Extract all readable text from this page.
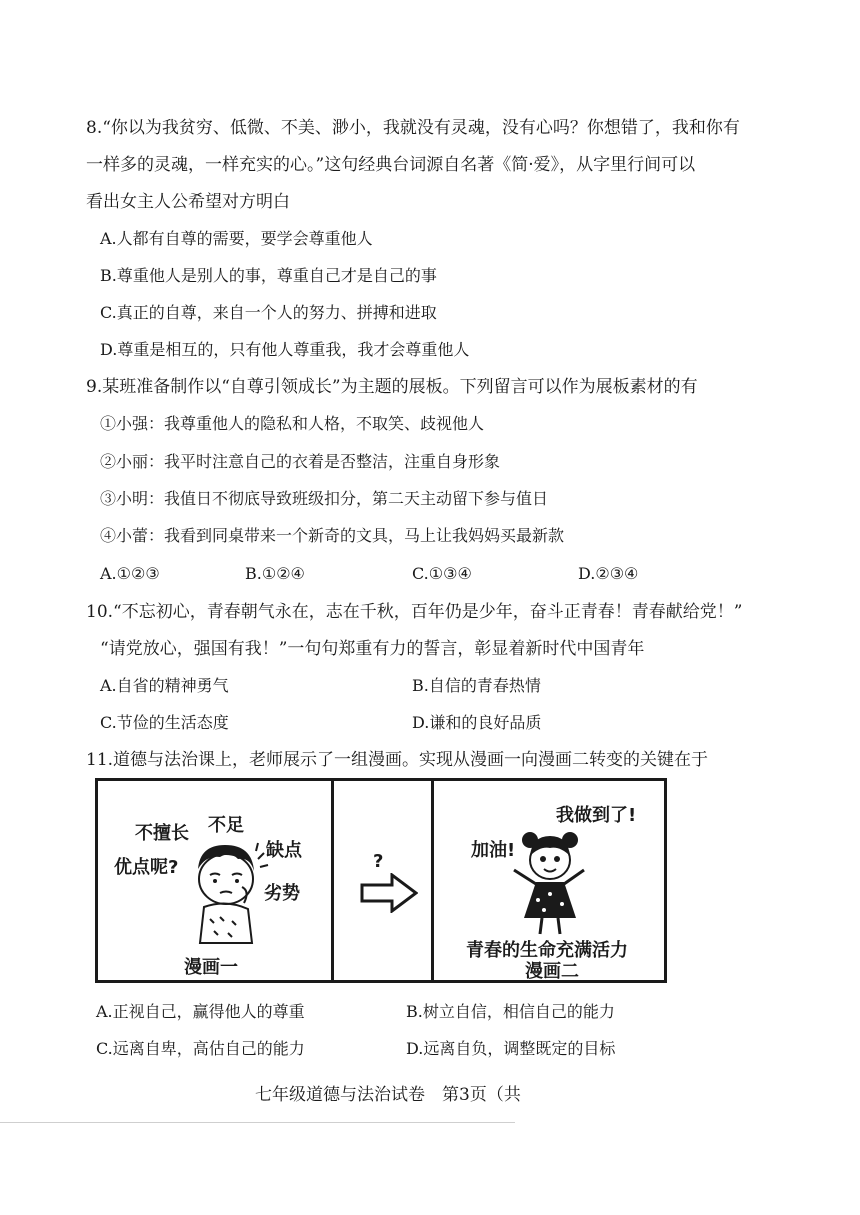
8.“你以为我贫穷、低微、不美、渺小，我就没有灵魂，没有心吗？你想错了，我和你有
一样多的灵魂，一样充实的心。”这句经典台词源自名著《简·爱》，从字里行间可以
看出女主人公希望对方明白
A.人都有自尊的需要，要学会尊重他人
B.尊重他人是别人的事，尊重自己才是自己的事
C.真正的自尊，来自一个人的努力、拼搏和进取
D.尊重是相互的，只有他人尊重我，我才会尊重他人
9.某班准备制作以“自尊引领成长”为主题的展板。下列留言可以作为展板素材的有
①小强：我尊重他人的隐私和人格，不取笑、歧视他人
②小丽：我平时注意自己的衣着是否整洁，注重自身形象
③小明：我值日不彻底导致班级扣分，第二天主动留下参与值日
④小蕾：我看到同桌带来一个新奇的文具，马上让我妈妈买最新款
A.①②③	B.①②④	C.①③④	D.②③④
10.“不忘初心，青春朝气永在，志在千秋，百年仍是少年，奋斗正青春！青春献给党！”
“请党放心，强国有我！”一句句郑重有力的誓言，彰显着新时代中国青年
A.自省的精神勇气	B.自信的青春热情
C.节俭的生活态度	D.谦和的良好品质
11.道德与法治课上，老师展示了一组漫画。实现从漫画一向漫画二转变的关键在于
不擅长 不足
缺点
优点呢?
劣势
漫画一
?
我做到了!
加油!
青春的生命充满活力
漫画二
A.正视自己，赢得他人的尊重	B.树立自信，相信自己的能力
C.远离自卑，高估自己的能力	D.远离自负，调整既定的目标
七年级道德与法治试卷　第3页（共
